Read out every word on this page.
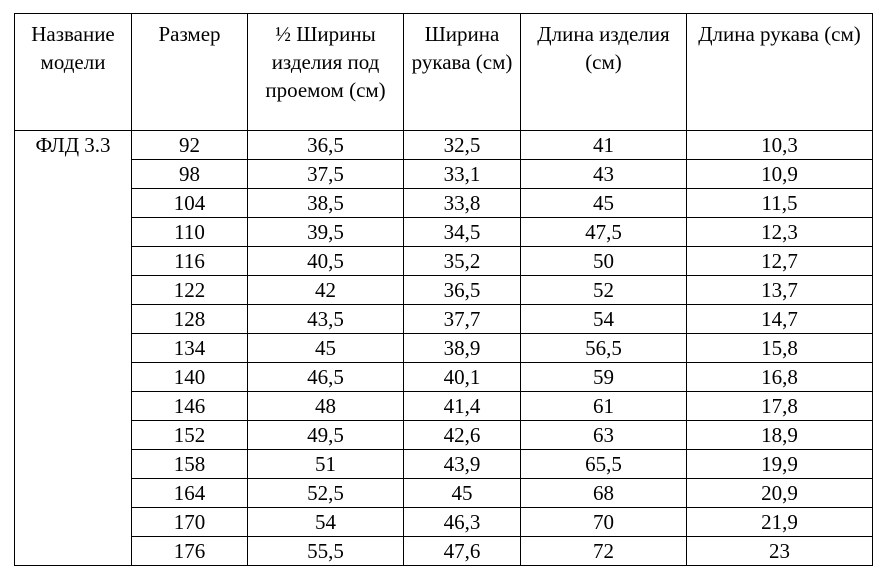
Название модели	Размер	½ Ширины изделия под проемом (см)	Ширина рукава (см)	Длина изделия (см)	Длина рукава (см)
ФЛД 3.3	92	36,5	32,5	41	10,3
	98	37,5	33,1	43	10,9
	104	38,5	33,8	45	11,5
	110	39,5	34,5	47,5	12,3
	116	40,5	35,2	50	12,7
	122	42	36,5	52	13,7
	128	43,5	37,7	54	14,7
	134	45	38,9	56,5	15,8
	140	46,5	40,1	59	16,8
	146	48	41,4	61	17,8
	152	49,5	42,6	63	18,9
	158	51	43,9	65,5	19,9
	164	52,5	45	68	20,9
	170	54	46,3	70	21,9
	176	55,5	47,6	72	23
